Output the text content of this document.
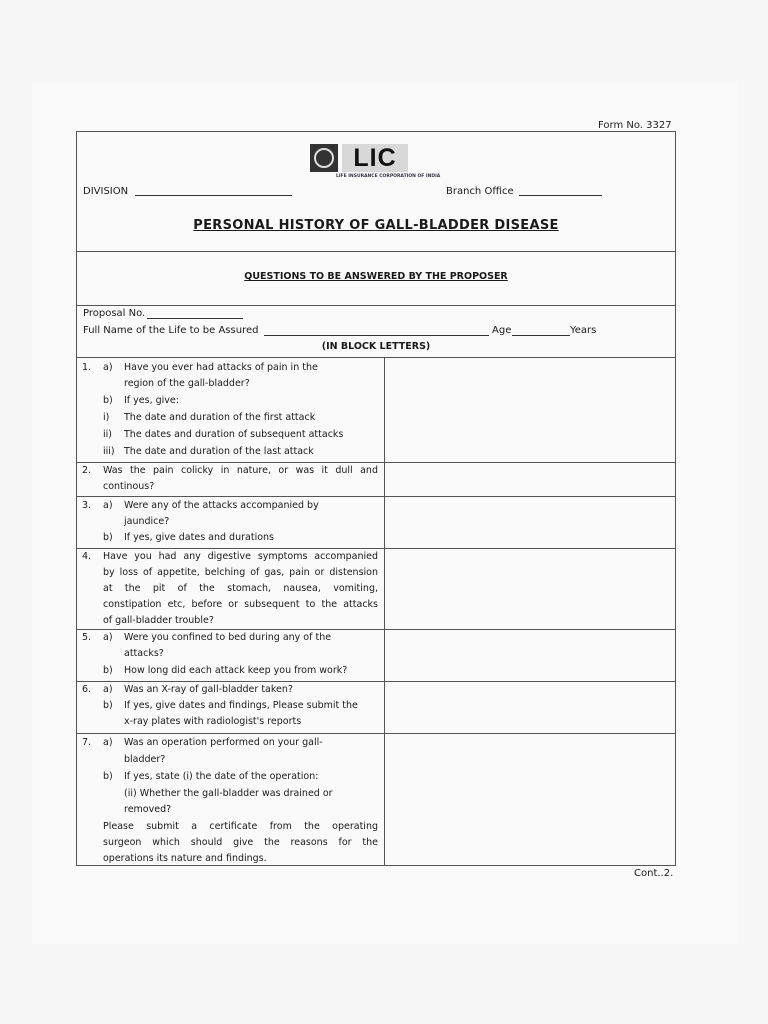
Form No. 3327
LIC
LIFE INSURANCE CORPORATION OF INDIA
DIVISION	Branch Office
PERSONAL HISTORY OF GALL-BLADDER DISEASE
QUESTIONS TO BE ANSWERED BY THE PROPOSER
Proposal No.
Full Name of the Life to be Assured	Age	Years
(IN BLOCK LETTERS)
1. a) Have you ever had attacks of pain in the
region of the gall-bladder?
b) If yes, give:
i) The date and duration of the first attack
ii) The dates and duration of subsequent attacks
iii) The date and duration of the last attack
2. Was the pain colicky in nature, or was it dull and
continous?
3. a) Were any of the attacks accompanied by
jaundice?
b) If yes, give dates and durations
4. Have you had any digestive symptoms accompanied
by loss of appetite, belching of gas, pain or distension
at the pit of the stomach, nausea, vomiting,
constipation etc, before or subsequent to the attacks
of gall-bladder trouble?
5. a) Were you confined to bed during any of the
attacks?
b) How long did each attack keep you from work?
6. a) Was an X-ray of gall-bladder taken?
b) If yes, give dates and findings, Please submit the
x-ray plates with radiologist's reports
7. a) Was an operation performed on your gall-
bladder?
b) If yes, state (i) the date of the operation:
(ii) Whether the gall-bladder was drained or
removed?
Please submit a certificate from the operating
surgeon which should give the reasons for the
operations its nature and findings.
Cont..2.
